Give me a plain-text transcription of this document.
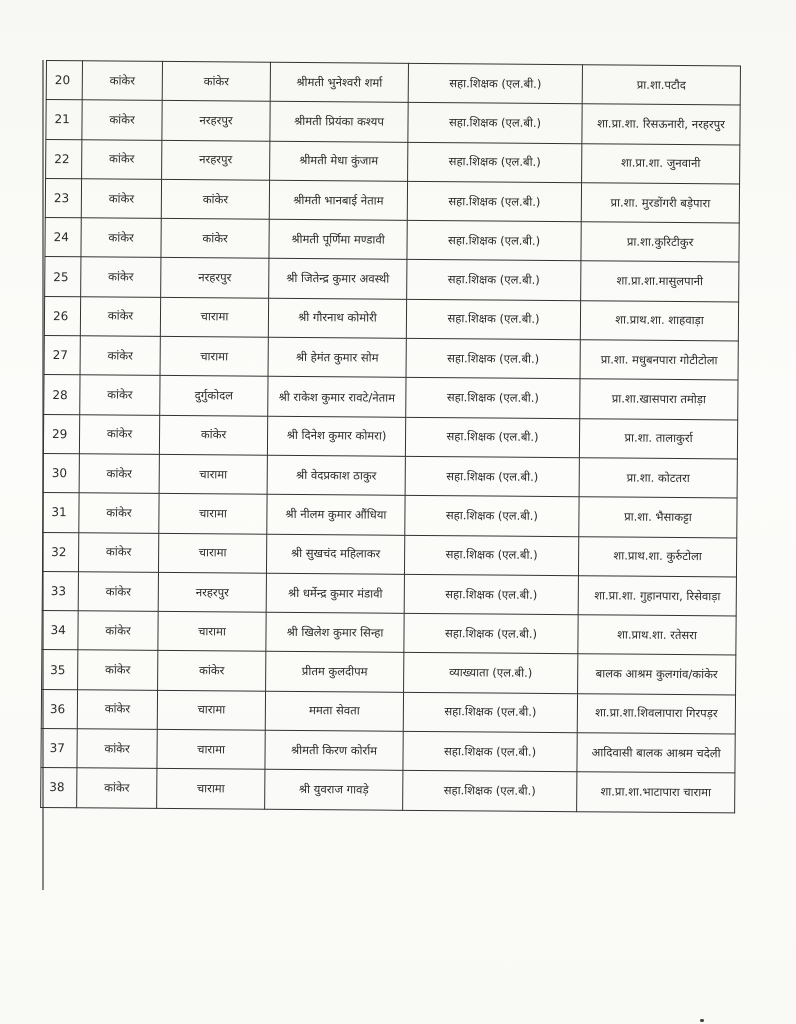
20	कांकेर	कांकेर	श्रीमती भुनेश्वरी शर्मा	सहा.शिक्षक (एल.बी.)	प्रा.शा.पटौद
21	कांकेर	नरहरपुर	श्रीमती प्रियंका कश्यप	सहा.शिक्षक (एल.बी.)	शा.प्रा.शा. रिसऊनारी, नरहरपुर
22	कांकेर	नरहरपुर	श्रीमती मेधा कुंजाम	सहा.शिक्षक (एल.बी.)	शा.प्रा.शा. जुनवानी
23	कांकेर	कांकेर	श्रीमती भानबाई नेताम	सहा.शिक्षक (एल.बी.)	प्रा.शा. मुरडोंगरी बड़ेपारा
24	कांकेर	कांकेर	श्रीमती पूर्णिमा मण्डावी	सहा.शिक्षक (एल.बी.)	प्रा.शा.कुरिटीकुर
25	कांकेर	नरहरपुर	श्री जितेन्द्र कुमार अवस्थी	सहा.शिक्षक (एल.बी.)	शा.प्रा.शा.मासुलपानी
26	कांकेर	चारामा	श्री गौरनाथ कोमोरी	सहा.शिक्षक (एल.बी.)	शा.प्राथ.शा. शाहवाड़ा
27	कांकेर	चारामा	श्री हेमंत कुमार सोम	सहा.शिक्षक (एल.बी.)	प्रा.शा. मधुबनपारा गोटीटोला
28	कांकेर	दुर्गुकोदल	श्री राकेश कुमार रावटे/नेताम	सहा.शिक्षक (एल.बी.)	प्रा.शा.खासपारा तमोड़ा
29	कांकेर	कांकेर	श्री दिनेश कुमार कोमरा)	सहा.शिक्षक (एल.बी.)	प्रा.शा. तालाकुर्रा
30	कांकेर	चारामा	श्री वेदप्रकाश ठाकुर	सहा.शिक्षक (एल.बी.)	प्रा.शा. कोटतरा
31	कांकेर	चारामा	श्री नीलम कुमार औंधिया	सहा.शिक्षक (एल.बी.)	प्रा.शा. भैसाकट्टा
32	कांकेर	चारामा	श्री सुखचंद महिलाकर	सहा.शिक्षक (एल.बी.)	शा.प्राथ.शा. कुर्रुटोला
33	कांकेर	नरहरपुर	श्री धर्मेन्द्र कुमार मंडावी	सहा.शिक्षक (एल.बी.)	शा.प्रा.शा. गुहानपारा, रिसेवाड़ा
34	कांकेर	चारामा	श्री खिलेश कुमार सिन्हा	सहा.शिक्षक (एल.बी.)	शा.प्राथ.शा. रतेसरा
35	कांकेर	कांकेर	प्रीतम कुलदीपम	व्याख्याता (एल.बी.)	बालक आश्रम कुलगांव/कांकेर
36	कांकेर	चारामा	ममता सेवता	सहा.शिक्षक (एल.बी.)	शा.प्रा.शा.शिवलापारा गिरपड़र
37	कांकेर	चारामा	श्रीमती किरण कोर्राम	सहा.शिक्षक (एल.बी.)	आदिवासी बालक आश्रम चदेली
38	कांकेर	चारामा	श्री युवराज गावड़े	सहा.शिक्षक (एल.बी.)	शा.प्रा.शा.भाटापारा चारामा
